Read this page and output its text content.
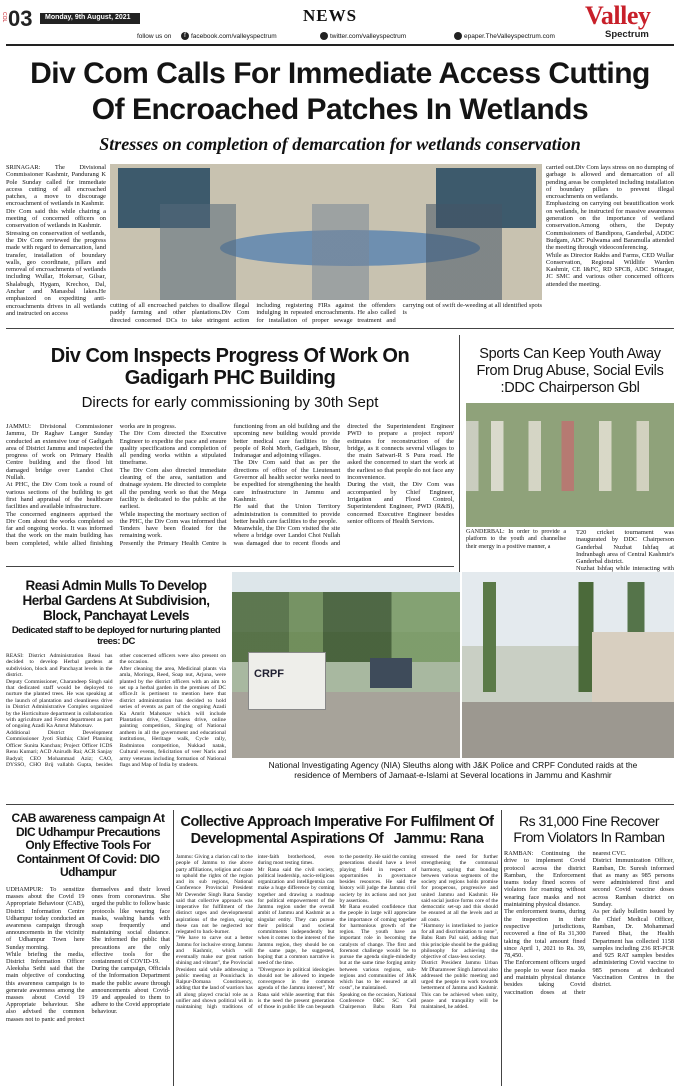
COL 03 Monday, 9th August, 2021	NEWS
follow us on	f facebook.com/valleyspectrum	twitter.com/valleyspectrum	epaper.TheValleyspectrum.com
Valley
Spectrum
Div Com Calls For Immediate Access Cutting
Of Encroached Patches In Wetlands
Stresses on completion of demarcation for wetlands conservation
SRINAGAR: The Divisional Commissioner Kashmir, Pandurang K Pole Sunday called for immediate access cutting of all encroached patches, a move to discourage encroachment of wetlands in Kashmir.
Div Com said this while chairing a meeting of concerned officers on conservation of wetlands in Kashmir.
Stressing on conservation of wetlands, the Div Com reviewed the progress made with regard to demarcation, land transfer, installation of boundary walls, geo coordinate, pillars and removal of encroachments of wetlands including Wullar, Hokersar, Gilsar, Shalabugh, Hygam, Krechoo, Dal, Anchar and Manasbal lakes.He emphasized on expediting anti-encroachments drives in all wetlands and instructed on access
cutting of all encroached patches to disallow illegal paddy farming and other plantations.Div Com directed concerned DCs to take stringent action including registering FIRs against the offenders indulging in repeated encroachments. He also called for installation of proper sewage treatment and carrying out of swift de-weeding at all identified spots is
carried out.Div Com lays stress on no dumping of garbage is allowed and demarcation of all pending areas be completed including installation of boundary pillars to prevent illegal encroachments on wetlands.
Emphasizing on carrying out beautification work on wetlands, he instructed for massive awareness generation on the importance of wetland conservation.Among others, the Deputy Commissioners of Bandipora, Ganderbal, ADDC Budgam, ADC Pulwama and Baramulla attended the meeting through videoconferencing.
While as Director Rakhs and Farms, CED Wullar Conservation, Regional Wildlife Warden Kashmir, CE I&FC, RD SPCB, ADC Srinagar, JC SMC and various other concerned officers attended the meeting.
Div Com Inspects Progress Of Work On
Gadigarh PHC Building
Directs for early commissioning by 30th Sept
JAMMU: Divisional Commissioner Jammu, Dr Raghav Langer Sunday conducted an extensive tour of Gadigarh area of District Jammu and inspected the progress of work on Primary Health Centre building and the flood hit damaged bridge over Landoi Choi Nullah.
At PHC, the Div Com took a round of various sections of the building to get first hand appraisal of the healthcare facilities and available infrastructure.
The concerned engineers apprised the Div Com about the works completed so far and ongoing works. It was informed that the work on the main building has been completed, while allied finishing works are in progress.
The Div Com directed the Executive Engineer to expedite the pace and ensure quality specifications and completion of all pending works within a stipulated timeframe.
The Div Com also directed immediate cleaning of the area, sanitation and drainage system. He directed to complete all the pending work so that the Mega facility is dedicated to the public at the earliest.
While inspecting the mortuary section of the PHC, the Div Com was informed that Tenders have been floated for the remaining work.
Presently the Primary Health Centre is functioning from an old building and the upcoming new building would provide better medical care facilities to the people of Rohi Morh, Gadigarh, Bhour, Indranagar and adjoining villages.
The Div Com said that as per the directions of office of the Lieutenant Governor all health sector works need to be expedited for strengthening the health care infrastructure in Jammu and Kashmir.
He said that the Union Territory administration is committed to provide better health care facilities to the people.
Meanwhile, the Div Com visited the site where a bridge over Landoi Choi Nullah was damaged due to recent floods and directed the Superintendent Engineer PWD to prepare a project report/ estimates for reconstruction of the bridge, as it connects several villages to the main Satwari-R S Pura road. He asked the concerned to start the work at the earliest so that people do not face any inconvenience.
During the visit, the Div Com was accompanied by Chief Engineer, Irrigation and Flood Control, Superintendent Engineer, PWD (R&B), concerned Executive Engineer besides senior officers of Health Services.
Sports Can Keep Youth Away From Drug Abuse, Social Evils :DDC Chairperson Gbl
GANDERBAL: In order to provide a platform to the youth and channelise their energy in a positive manner, a
T20 cricket tournament was inaugurated by DDC Chairperson Ganderbal Nuzhat Ishfaq at Indranbagh area of Central Kashmir's Ganderbal district.
Nuzhat Ishfaq while interacting with

Reasi Admin Mulls To Develop
Herbal Gardens At Subdivision,
Block, Panchayat Levels
Dedicated staff to be deployed for nurturing planted trees: DC
REASI: District Administration Reasi has decided to develop Herbal gardens at subdivision, block and Panchayat levels in the district.
Deputy Commissioner, Charandeep Singh said that dedicated staff would be deployed to nurture the planted trees. He was speaking at the launch of plantation and cleanliness drive in District Administrative Complex organized by the Horticulture department in collaboration with agriculture and Forest department as part of ongoing Azadi Ka Amrut Mahotsav.
Additional District Development Commissioner Jyoti Slathia; Chief Planning Officer Sunita Kanchan; Project Officer ICDS Renu Kumari; ACD Anirudh Rai; ACR Sanjay Badyal; CEO Mohammad Aziz; CAO, DYSSO, CHO Brij vallabh Gupta, besides other concerned officers were also present on the occasion.
After cleaning the area, Medicinal plants via amla, Moringa, Reed, Soap nut, Arjuna, were planted by the district officers with an aim to set up a herbal garden in the premises of DC office.It is pertinent to mention here that district administration has decided to hold series of events as part of the ongoing Azadi Ka Amrit Mahotsav which will include Plantation drive, Cleanliness drive, online painting competition, Singing of National anthem in all the government and educational institutions, Heritage walk, Cycle rally, Badminton competition, Nukkad natak, Cultural events, felicitation of veer Naris and army veterans including formation of National flags and Map of India by students.
CRPF
National Investigating Agency (NIA) Sleuths along with J&K Police and CRPF Conduted raids at the residence of Members of Jamaat-e-Islami at Several locations in Jammu and Kashmir
CAB awareness campaign At DIC Udhampur Precautions Only Effective Tools For Containment Of Covid: DIO Udhampur
UDHAMPUR: To sensitize masses about the Covid 19 Appropriate Behaviour (CAB), District Information Centre Udhampur today conducted an awareness campaign through announcements in the vicinity of Udhampur Town here Sunday morning.
While briefing the media, District Information Officer Aleeksha Sethi said that the main objective of conducting this awareness campaign is to generate awareness among the masses about Covid 19 Appropriate behaviour. She also advised the common masses not to panic and protect themselves and their loved ones from coronavirus. She urged the public to follow basic protocols like wearing face masks, washing hands with soap frequently and maintaining social distance. She informed the public that precautions are the only effective tools for the containment of COVID-19.
During the campaign, Officials of the Information Department made the public aware through announcements about Covid-19 and appealed to them to adhere to the Covid appropriate behaviour.
Collective Approach Imperative For Fulfilment Of
Developmental Aspirations Of   Jammu: Rana
Jammu: Giving a clarion call to the people of Jammu to rise above party affiliations, religion and caste to uphold the rights of the region and its sub regions, National Conference Provincial President Mr Devender Singh Rana Sunday said that collective approach was imperative for fulfilment of the distinct urges and developmental aspirations of the region, saying these can not be neglected nor relegated to back-burner.
"We have to carve out a better Jammu for inclusive strong Jammu and Kashmir, which will eventually make our great nation shining and vibrant", the Provincial President said while addressing a public meeting at Pounichack in Raipur-Domana Constituency, adding that the land of warriors has all along played crucial role as a unifier and shown political will in maintaining high traditions of inter-faith brotherhood, even during most testing times.
Mr Rana said the civil society, political leadership, socio-religious organization and intelligentsia can make a huge difference by coming together and drawing a roadmap for political empowerment of the Jammu region under the overall ambit of Jammu and Kashmir as a singular entity. They can pursue their political and societal commitments independently but when it comes to the interest of the Jammu region, they should be on the same page, he suggested, hoping that a common narrative is need of the time.
"Divergence in political ideologies should not be allowed to impede convergence in the common agenda of the Jammu interest", Mr Rana said while asserting that this is the need the present generation of those in public life can bequeath to the posterity. He said the coming generations should have a level playing field in respect of opportunities in governance besides resources. He said the history will judge the Jammu civil society by its actions and not just by assertions.
Mr Rana exuded confidence that the people in large will appreciate the importance of coming together for harmonious growth of the region. The youth have an important role in becoming the catalysts of change. The first and foremost challenge would be to pursue the agenda single-mindedly but at the same time forging amity between various regions, sub-regions and communities of J&K which has to be ensured at all costs", he maintained.
Speaking on the occasion, National Conference OBC SC Cell Chairperson Babu Ram Pal stressed the need for further strengthening the communal harmony, saying that bonding between various segments of the society and regions holds promise for prosperous, progressive and united Jammu and Kashmir. He said social justice forms core of the democratic set-up and this should be ensured at all the levels and at all costs.
"Harmony is interlinked to justice for all and discrimination to none", Babu Ram Pal said, adding that this principle should be the guiding philosophy for achieving the objective of class-less society.
District President Jammu Urban Mr Dharamveer Singh Jamwal also addressed the public meeting and urged the people to work towards betterment of Jammu and Kashmir. This can be achieved when unity, peace and tranquility will be maintained, he added.
Rs 31,000 Fine Recover
From Violators In Ramban
RAMBAN: Continuing the drive to implement Covid protocol across the district Ramban, the Enforcement teams today fined scores of violators for roaming without wearing face masks and not maintaining physical distance.
The enforcement teams, during the inspection in their respective jurisdictions, recovered a fine of Rs 31,300 taking the total amount fined since April 1, 2021 to Rs. 39, 78,450.
The Enforcement officers urged the people to wear face masks and maintain physical distance besides taking Covid vaccination doses at their nearest CVC.
District Immunization Officer, Ramban, Dr. Suresh informed that as many as 985 persons were administered first and second Covid vaccine doses across Ramban district on Sunday.
As per daily bulletin issued by the Chief Medical Officer, Ramban, Dr. Mohammad Fareed Bhat, the Health Department has collected 1158 samples including 236 RT-PCR and 925 RAT samples besides administering Covid vaccine to 985 persons at dedicated Vaccination Centres in the district.
